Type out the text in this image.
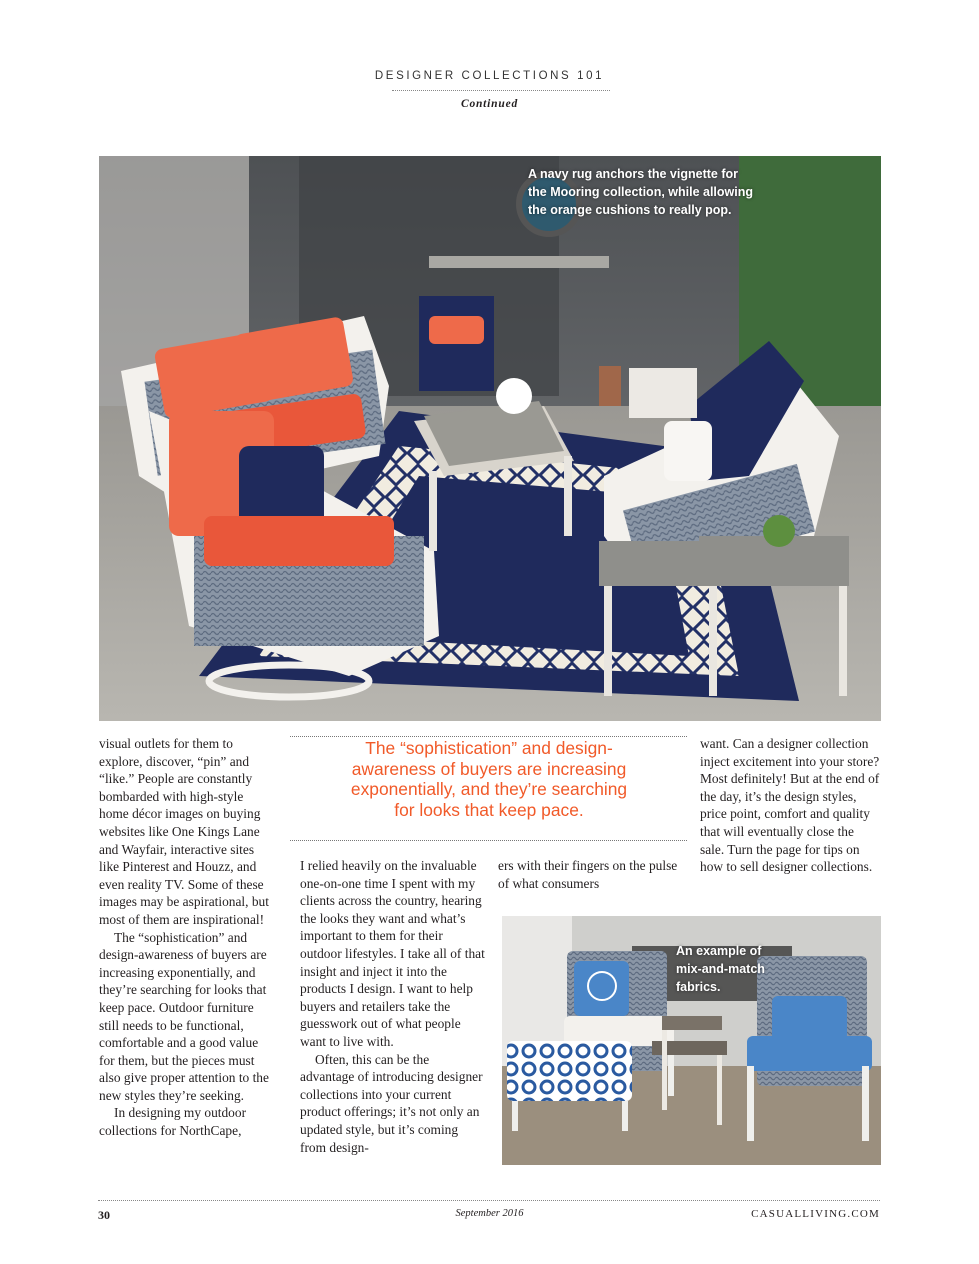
DESIGNER COLLECTIONS 101
Continued
A navy rug anchors the vignette for
the Mooring collection, while allowing
the orange cushions to really pop.

visual outlets for them to explore, discover, “pin” and “like.” People are constantly bombarded with high-style home décor images on buying websites like One Kings Lane and Wayfair, interactive sites like Pinterest and Houzz, and even reality TV. Some of these images may be aspirational, but most of them are inspirational!

The “sophistication” and design-awareness of buyers are increasing exponentially, and they’re searching for looks that keep pace. Outdoor furniture still needs to be functional, comfortable and a good value for them, but the pieces must also give proper attention to the new styles they’re seeking.

In designing my outdoor collections for NorthCape,

The “sophistication” and design-
awareness of buyers are increasing
exponentially, and they’re searching
for looks that keep pace.

I relied heavily on the invaluable one-on-one time I spent with my clients across the country, hearing the looks they want and what’s important to them for their outdoor lifestyles. I take all of that insight and inject it into the products I design. I want to help buyers and retailers take the guesswork out of what people want to live with.

Often, this can be the advantage of introducing designer collections into your current product offerings; it’s not only an updated style, but it’s coming from design-

ers with their fingers on the pulse of what consumers

want. Can a designer collection inject excitement into your store? Most definitely! But at the end of the day, it’s the design styles, price point, comfort and quality that will eventually close the sale. Turn the page for tips on how to sell designer collections.

An example of
mix-and-match
fabrics.
30	September 2016	CASUALLIVING.COM
